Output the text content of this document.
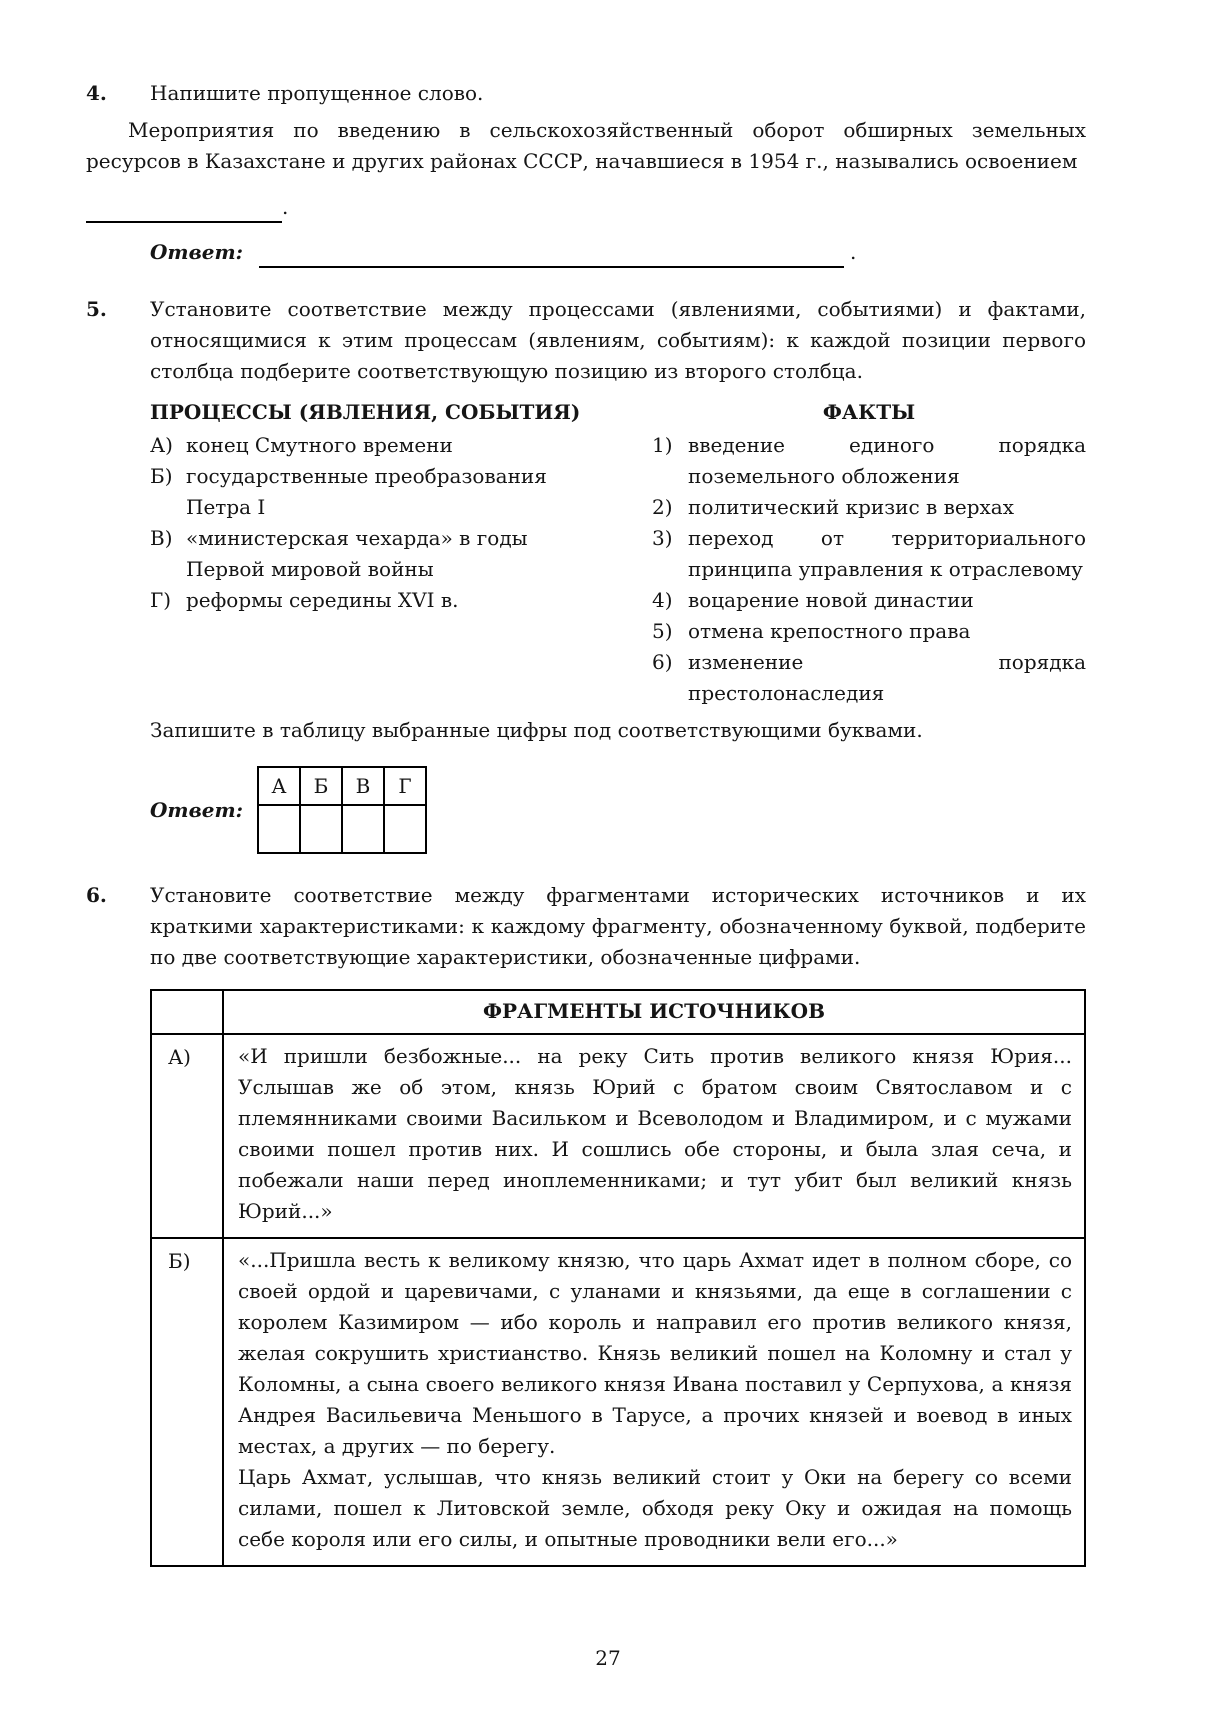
4. Напишите пропущенное слово.

Мероприятия по введению в сельскохозяйственный оборот обширных земельных ресурсов в Казахстане и других районах СССР, начавшиеся в 1954 г., назывались освоением

.
Ответ:	.
5. Установите соответствие между процессами (явлениями, событиями) и фактами, относящимися к этим процессам (явлениям, событиям): к каждой позиции первого столбца подберите соответствующую позицию из второго столбца.

ПРОЦЕССЫ (ЯВЛЕНИЯ, СОБЫТИЯ)
А) конец Смутного времени
Б) государственные преобразования Петра I
В) «министерская чехарда» в годы Первой мировой войны
Г) реформы середины XVI в.
ФАКТЫ
1) введение единого порядка поземельного обложения
2) политический кризис в верхах
3) переход от территориального принципа управления к отраслевому
4) воцарение новой династии
5) отмена крепостного права
6) изменение порядка престолонаследия

Запишите в таблицу выбранные цифры под соответствующими буквами.

Ответ:
А	Б	В	Г

6. Установите соответствие между фрагментами исторических источников и их краткими характеристиками: к каждому фрагменту, обозначенному буквой, подберите по две соответствующие характеристики, обозначенные цифрами.

	ФРАГМЕНТЫ ИСТОЧНИКОВ
А)	«И пришли безбожные... на реку Сить против великого князя Юрия... Услышав же об этом, князь Юрий с братом своим Святославом и с племянниками своими Васильком и Всеволодом и Владимиром, и с мужами своими пошел против них. И сошлись обе стороны, и была злая сеча, и побежали наши перед иноплеменниками; и тут убит был великий князь Юрий...»

Б)	«...Пришла весть к великому князю, что царь Ахмат идет в полном сборе, со своей ордой и царевичами, с уланами и князьями, да еще в соглашении с королем Казимиром — ибо король и направил его против великого князя, желая сокрушить христианство. Князь великий пошел на Коломну и стал у Коломны, а сына своего великого князя Ивана поставил у Серпухова, а князя Андрея Васильевича Меньшого в Тарусе, а прочих князей и воевод в иных местах, а других — по берегу.

Царь Ахмат, услышав, что князь великий стоит у Оки на берегу со всеми силами, пошел к Литовской земле, обходя реку Оку и ожидая на помощь себе короля или его силы, и опытные проводники вели его...»

27
